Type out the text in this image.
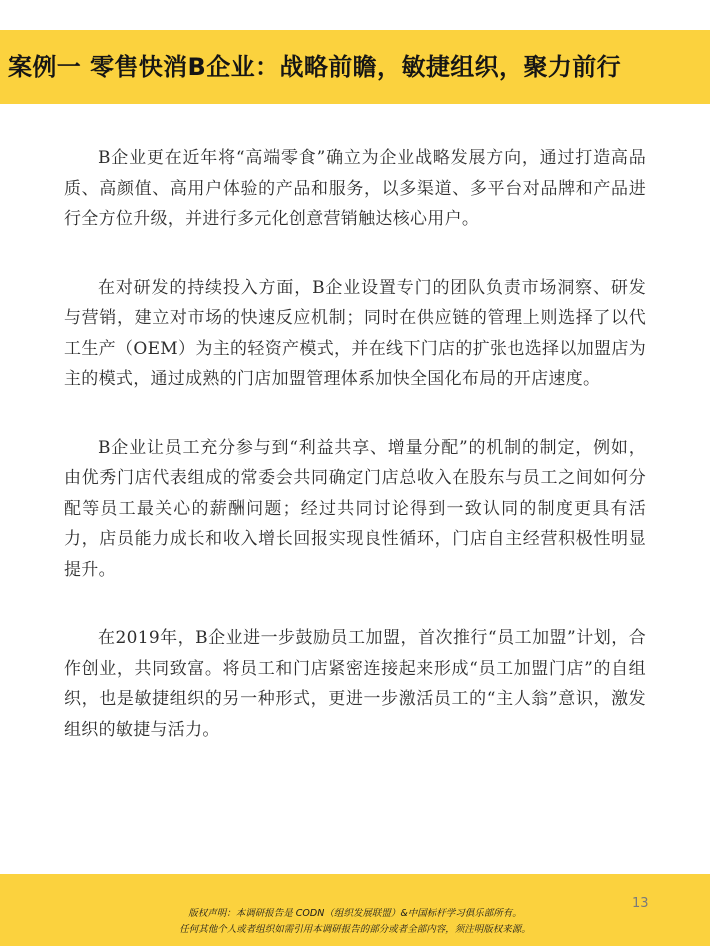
案例一 零售快消B企业：战略前瞻，敏捷组织，聚力前行

B企业更在近年将“高端零食”确立为企业战略发展方向，通过打造高品质、高颜值、高用户体验的产品和服务，以多渠道、多平台对品牌和产品进行全方位升级，并进行多元化创意营销触达核心用户。

在对研发的持续投入方面，B企业设置专门的团队负责市场洞察、研发与营销，建立对市场的快速反应机制；同时在供应链的管理上则选择了以代工生产（OEM）为主的轻资产模式，并在线下门店的扩张也选择以加盟店为主的模式，通过成熟的门店加盟管理体系加快全国化布局的开店速度。

B企业让员工充分参与到“利益共享、增量分配”的机制的制定，例如，由优秀门店代表组成的常委会共同确定门店总收入在股东与员工之间如何分配等员工最关心的薪酬问题；经过共同讨论得到一致认同的制度更具有活力，店员能力成长和收入增长回报实现良性循环，门店自主经营积极性明显提升。

在2019年，B企业进一步鼓励员工加盟，首次推行“员工加盟”计划，合作创业，共同致富。将员工和门店紧密连接起来形成“员工加盟门店”的自组织，也是敏捷组织的另一种形式，更进一步激活员工的“主人翁”意识，激发组织的敏捷与活力。

13
版权声明：本调研报告是 CODN（组织发展联盟）&中国标杆学习俱乐部所有。
任何其他个人或者组织如需引用本调研报告的部分或者全部内容，须注明版权来源。
